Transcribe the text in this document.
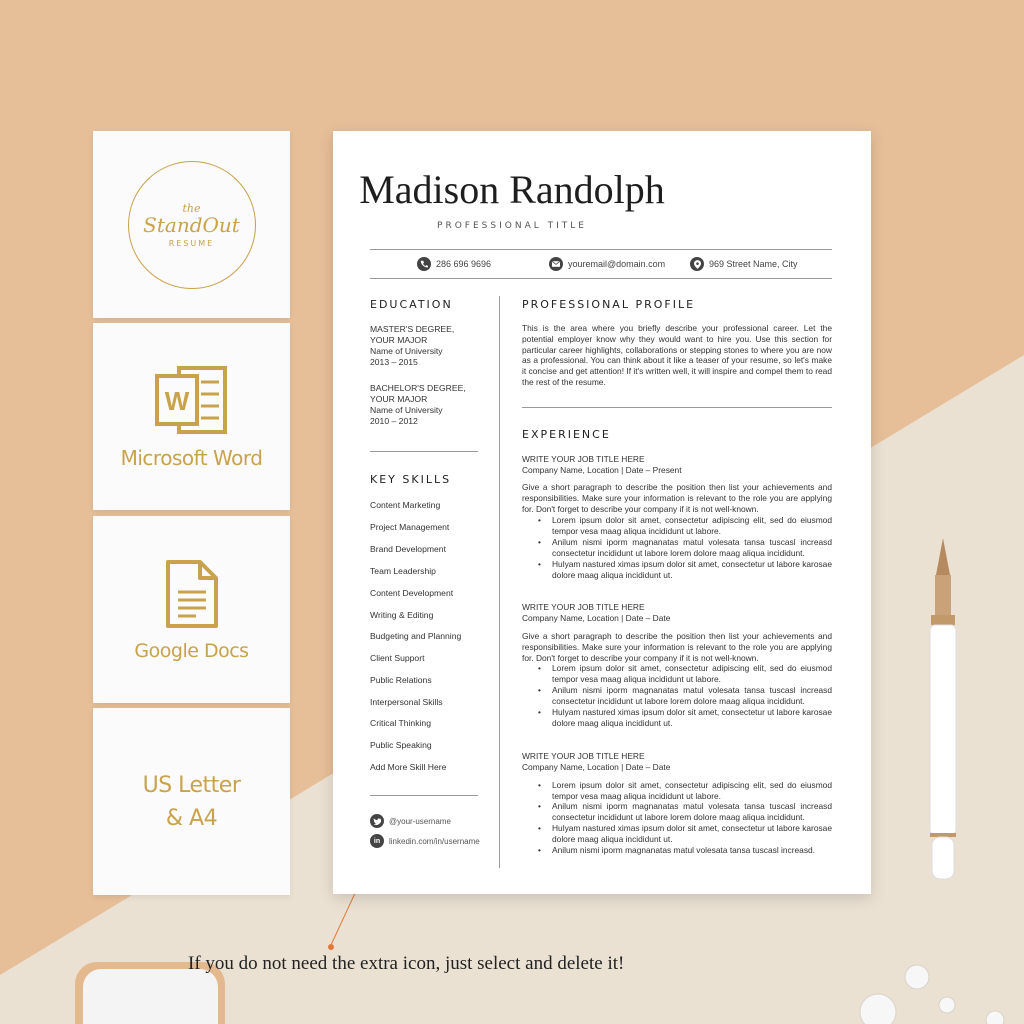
the
StandOut
RESUME
W
Microsoft Word
Google Docs
US Letter
& A4
Madison Randolph
PROFESSIONAL TITLE
286 696 9696	youremail@domain.com	969 Street Name, City
EDUCATION
MASTER'S DEGREE,
YOUR MAJOR
Name of University
2013 – 2015
BACHELOR'S DEGREE,
YOUR MAJOR
Name of University
2010 – 2012
KEY SKILLS
Content Marketing
Project Management
Brand Development
Team Leadership
Content Development
Writing & Editing
Budgeting and Planning
Client Support
Public Relations
Interpersonal Skills
Critical Thinking
Public Speaking
Add More Skill Here
@your-username
in	linkedin.com/in/username
PROFESSIONAL PROFILE
This is the area where you briefly describe your professional career. Let the potential employer know why they would want to hire you. Use this section for particular career highlights, collaborations or stepping stones to where you are now as a professional. You can think about it like a teaser of your resume, so let's make it concise and get attention! If it's written well, it will inspire and compel them to read the rest of the resume.
EXPERIENCE
WRITE YOUR JOB TITLE HERE
Company Name, Location | Date – Present
Give a short paragraph to describe the position then list your achievements and responsibilities. Make sure your information is relevant to the role you are applying for. Don't forget to describe your company if it is not well-known.
• Lorem ipsum dolor sit amet, consectetur adipiscing elit, sed do eiusmod tempor vesa maag aliqua incididunt ut labore.
• Anilum nismi iporm magnanatas matul volesata tansa tuscasl increasd consectetur incididunt ut labore lorem dolore maag aliqua incididunt.
• Hulyam nastured ximas ipsum dolor sit amet, consectetur ut labore karosae dolore maag aliqua incididunt ut.
WRITE YOUR JOB TITLE HERE
Company Name, Location | Date – Date
Give a short paragraph to describe the position then list your achievements and responsibilities. Make sure your information is relevant to the role you are applying for. Don't forget to describe your company if it is not well-known.
• Lorem ipsum dolor sit amet, consectetur adipiscing elit, sed do eiusmod tempor vesa maag aliqua incididunt ut labore.
• Anilum nismi iporm magnanatas matul volesata tansa tuscasl increasd consectetur incididunt ut labore lorem dolore maag aliqua incididunt.
• Hulyam nastured ximas ipsum dolor sit amet, consectetur ut labore karosae dolore maag aliqua incididunt ut.
WRITE YOUR JOB TITLE HERE
Company Name, Location | Date – Date
• Lorem ipsum dolor sit amet, consectetur adipiscing elit, sed do eiusmod tempor vesa maag aliqua incididunt ut labore.
• Anilum nismi iporm magnanatas matul volesata tansa tuscasl increasd consectetur incididunt ut labore lorem dolore maag aliqua incididunt.
• Hulyam nastured ximas ipsum dolor sit amet, consectetur ut labore karosae dolore maag aliqua incididunt ut.
• Anilum nismi iporm magnanatas matul volesata tansa tuscasl increasd.
If you do not need the extra icon, just select and delete it!
